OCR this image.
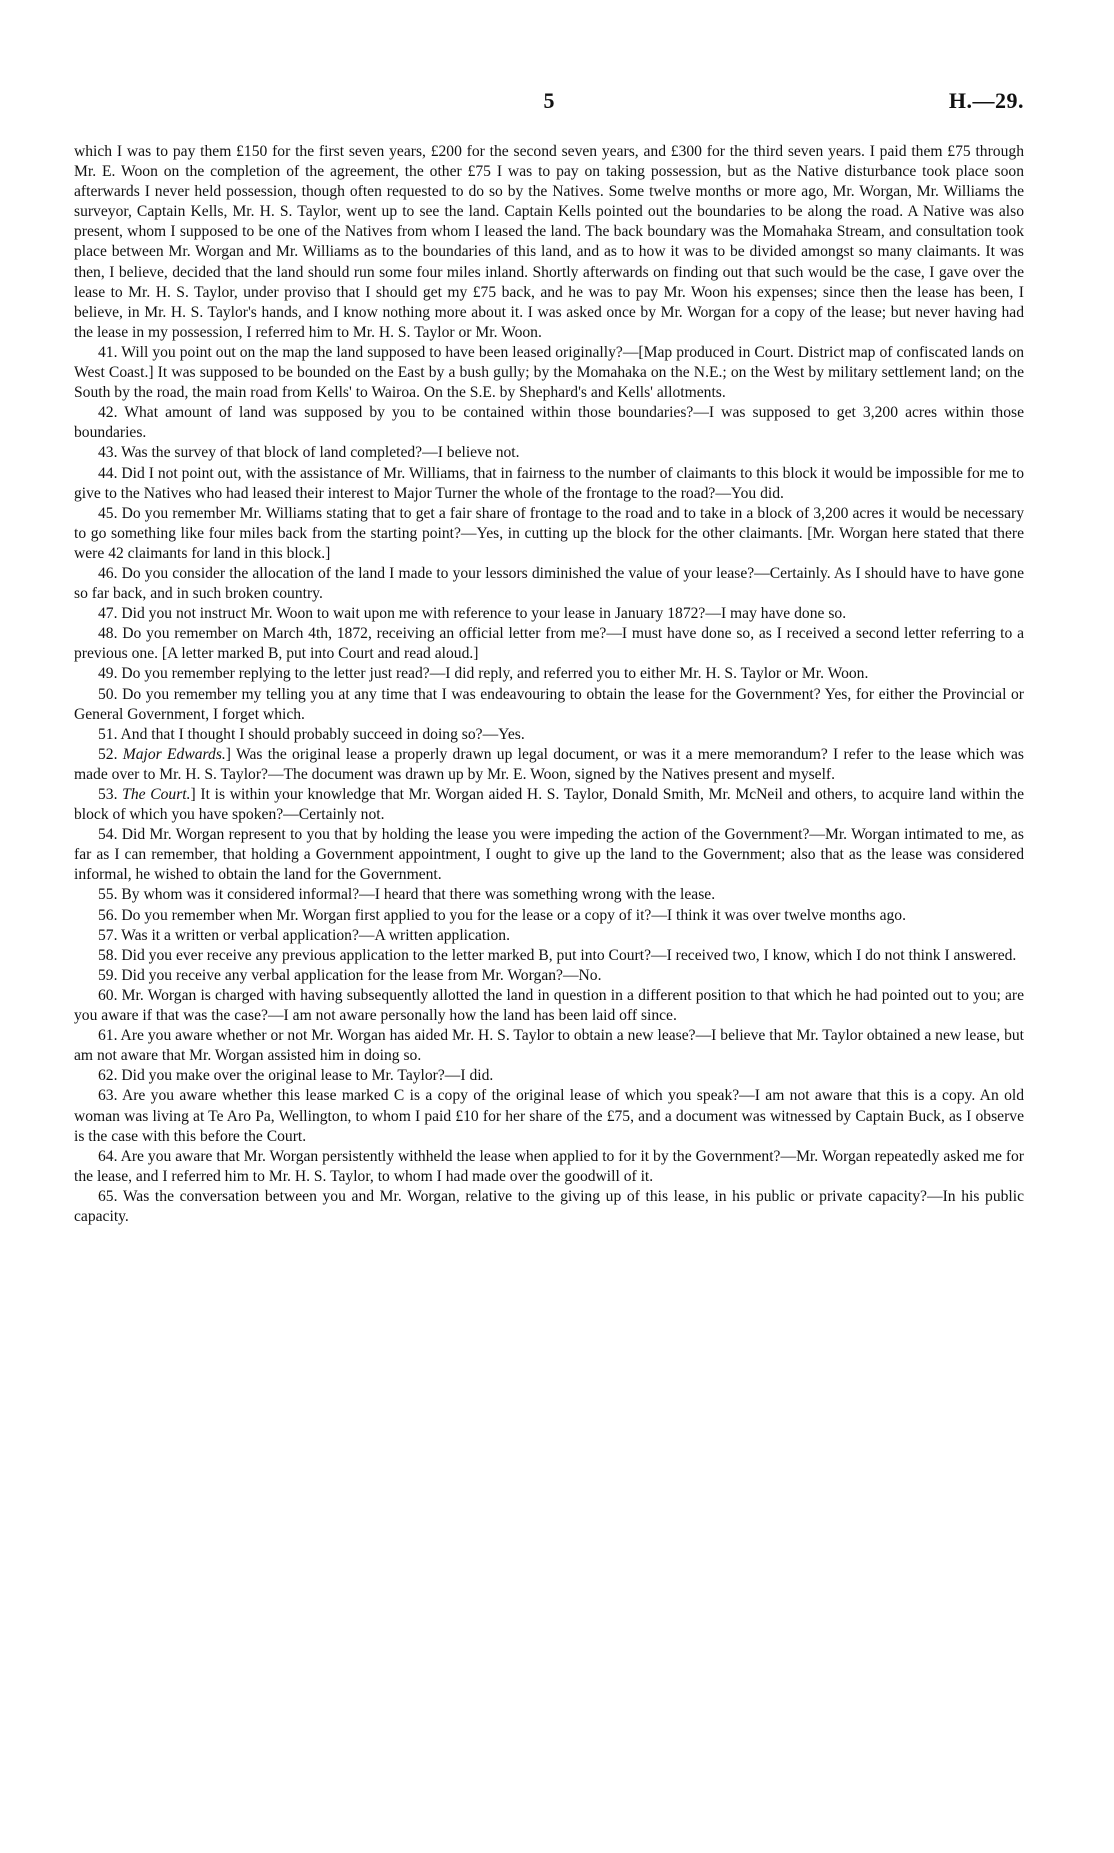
5	H.—29.

which I was to pay them £150 for the first seven years, £200 for the second seven years, and £300 for the third seven years. I paid them £75 through Mr. E. Woon on the completion of the agreement, the other £75 I was to pay on taking possession, but as the Native disturbance took place soon afterwards I never held possession, though often requested to do so by the Natives. Some twelve months or more ago, Mr. Worgan, Mr. Williams the surveyor, Captain Kells, Mr. H. S. Taylor, went up to see the land. Captain Kells pointed out the boundaries to be along the road. A Native was also present, whom I supposed to be one of the Natives from whom I leased the land. The back boundary was the Momahaka Stream, and consultation took place between Mr. Worgan and Mr. Williams as to the boundaries of this land, and as to how it was to be divided amongst so many claimants. It was then, I believe, decided that the land should run some four miles inland. Shortly afterwards on finding out that such would be the case, I gave over the lease to Mr. H. S. Taylor, under proviso that I should get my £75 back, and he was to pay Mr. Woon his expenses; since then the lease has been, I believe, in Mr. H. S. Taylor's hands, and I know nothing more about it. I was asked once by Mr. Worgan for a copy of the lease; but never having had the lease in my possession, I referred him to Mr. H. S. Taylor or Mr. Woon.

41. Will you point out on the map the land supposed to have been leased originally?—[Map produced in Court. District map of confiscated lands on West Coast.] It was supposed to be bounded on the East by a bush gully; by the Momahaka on the N.E.; on the West by military settlement land; on the South by the road, the main road from Kells' to Wairoa. On the S.E. by Shephard's and Kells' allotments.

42. What amount of land was supposed by you to be contained within those boundaries?—I was supposed to get 3,200 acres within those boundaries.

43. Was the survey of that block of land completed?—I believe not.

44. Did I not point out, with the assistance of Mr. Williams, that in fairness to the number of claimants to this block it would be impossible for me to give to the Natives who had leased their interest to Major Turner the whole of the frontage to the road?—You did.

45. Do you remember Mr. Williams stating that to get a fair share of frontage to the road and to take in a block of 3,200 acres it would be necessary to go something like four miles back from the starting point?—Yes, in cutting up the block for the other claimants. [Mr. Worgan here stated that there were 42 claimants for land in this block.]

46. Do you consider the allocation of the land I made to your lessors diminished the value of your lease?—Certainly. As I should have to have gone so far back, and in such broken country.

47. Did you not instruct Mr. Woon to wait upon me with reference to your lease in January 1872?—I may have done so.

48. Do you remember on March 4th, 1872, receiving an official letter from me?—I must have done so, as I received a second letter referring to a previous one. [A letter marked B, put into Court and read aloud.]

49. Do you remember replying to the letter just read?—I did reply, and referred you to either Mr. H. S. Taylor or Mr. Woon.

50. Do you remember my telling you at any time that I was endeavouring to obtain the lease for the Government? Yes, for either the Provincial or General Government, I forget which.

51. And that I thought I should probably succeed in doing so?—Yes.

52. Major Edwards.] Was the original lease a properly drawn up legal document, or was it a mere memorandum? I refer to the lease which was made over to Mr. H. S. Taylor?—The document was drawn up by Mr. E. Woon, signed by the Natives present and myself.

53. The Court.] It is within your knowledge that Mr. Worgan aided H. S. Taylor, Donald Smith, Mr. McNeil and others, to acquire land within the block of which you have spoken?—Certainly not.

54. Did Mr. Worgan represent to you that by holding the lease you were impeding the action of the Government?—Mr. Worgan intimated to me, as far as I can remember, that holding a Government appointment, I ought to give up the land to the Government; also that as the lease was considered informal, he wished to obtain the land for the Government.

55. By whom was it considered informal?—I heard that there was something wrong with the lease.

56. Do you remember when Mr. Worgan first applied to you for the lease or a copy of it?—I think it was over twelve months ago.

57. Was it a written or verbal application?—A written application.

58. Did you ever receive any previous application to the letter marked B, put into Court?—I received two, I know, which I do not think I answered.

59. Did you receive any verbal application for the lease from Mr. Worgan?—No.

60. Mr. Worgan is charged with having subsequently allotted the land in question in a different position to that which he had pointed out to you; are you aware if that was the case?—I am not aware personally how the land has been laid off since.

61. Are you aware whether or not Mr. Worgan has aided Mr. H. S. Taylor to obtain a new lease?—I believe that Mr. Taylor obtained a new lease, but am not aware that Mr. Worgan assisted him in doing so.

62. Did you make over the original lease to Mr. Taylor?—I did.

63. Are you aware whether this lease marked C is a copy of the original lease of which you speak?—I am not aware that this is a copy. An old woman was living at Te Aro Pa, Wellington, to whom I paid £10 for her share of the £75, and a document was witnessed by Captain Buck, as I observe is the case with this before the Court.

64. Are you aware that Mr. Worgan persistently withheld the lease when applied to for it by the Government?—Mr. Worgan repeatedly asked me for the lease, and I referred him to Mr. H. S. Taylor, to whom I had made over the goodwill of it.

65. Was the conversation between you and Mr. Worgan, relative to the giving up of this lease, in his public or private capacity?—In his public capacity.
